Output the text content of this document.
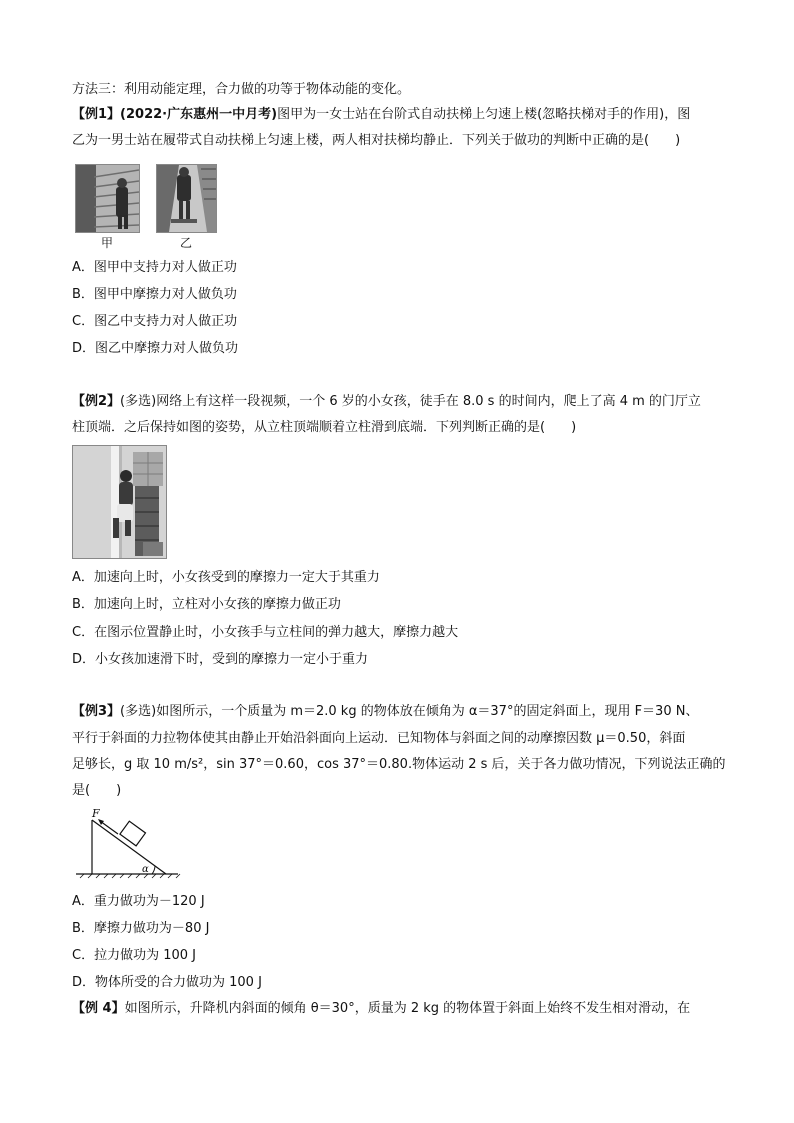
方法三：利用动能定理，合力做的功等于物体动能的变化。
【例1】(2022·广东惠州一中月考)图甲为一女士站在台阶式自动扶梯上匀速上楼(忽略扶梯对手的作用)，图
乙为一男士站在履带式自动扶梯上匀速上楼，两人相对扶梯均静止．下列关于做功的判断中正确的是(　　)
甲	乙
A．图甲中支持力对人做正功
B．图甲中摩擦力对人做负功
C．图乙中支持力对人做正功
D．图乙中摩擦力对人做负功
【例2】(多选)网络上有这样一段视频，一个 6 岁的小女孩，徒手在 8.0 s 的时间内，爬上了高 4 m 的门厅立
柱顶端．之后保持如图的姿势，从立柱顶端顺着立柱滑到底端．下列判断正确的是(　　)
A．加速向上时，小女孩受到的摩擦力一定大于其重力
B．加速向上时，立柱对小女孩的摩擦力做正功
C．在图示位置静止时，小女孩手与立柱间的弹力越大，摩擦力越大
D．小女孩加速滑下时，受到的摩擦力一定小于重力
【例3】(多选)如图所示，一个质量为 m＝2.0 kg 的物体放在倾角为 α＝37°的固定斜面上，现用 F＝30 N、
平行于斜面的力拉物体使其由静止开始沿斜面向上运动．已知物体与斜面之间的动摩擦因数 μ＝0.50，斜面
足够长，g 取 10 m/s²，sin 37°＝0.60，cos 37°＝0.80.物体运动 2 s 后，关于各力做功情况，下列说法正确的
是(　　)
F
α
A．重力做功为－120 J
B．摩擦力做功为－80 J
C．拉力做功为 100 J
D．物体所受的合力做功为 100 J
【例 4】如图所示，升降机内斜面的倾角 θ＝30°，质量为 2 kg 的物体置于斜面上始终不发生相对滑动，在
